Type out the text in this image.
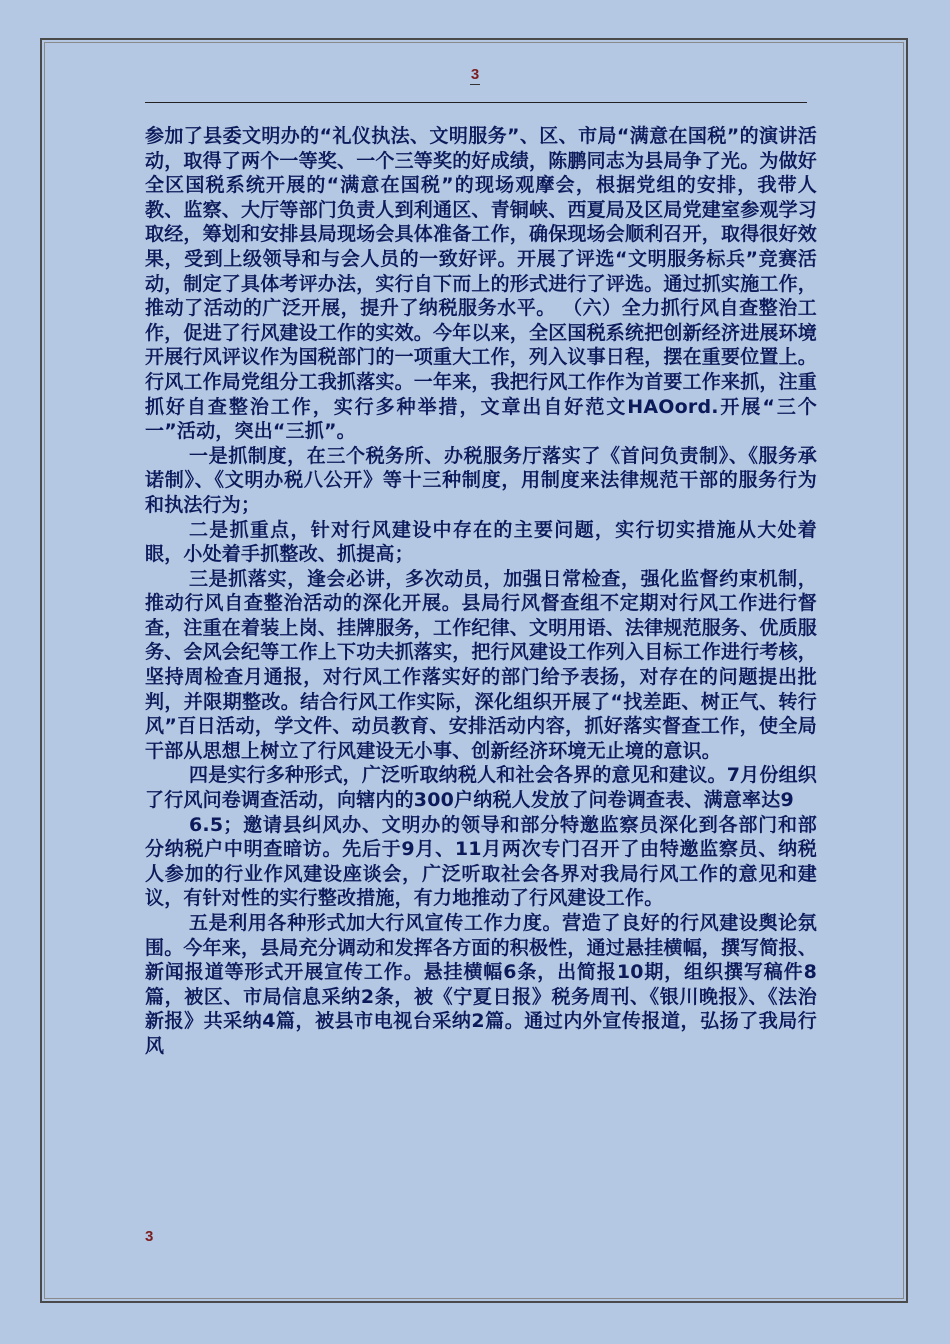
3

参加了县委文明办的“礼仪执法、文明服务”、区、市局“满意在国税”的演讲活动，取得了两个一等奖、一个三等奖的好成绩，陈鹏同志为县局争了光。为做好全区国税系统开展的“满意在国税”的现场观摩会，根据党组的安排，我带人教、监察、大厅等部门负责人到利通区、青铜峡、西夏局及区局党建室参观学习取经，筹划和安排县局现场会具体准备工作，确保现场会顺利召开，取得很好效果，受到上级领导和与会人员的一致好评。开展了评选“文明服务标兵”竞赛活动，制定了具体考评办法，实行自下而上的形式进行了评选。通过抓实施工作，推动了活动的广泛开展，提升了纳税服务水平。 （六）全力抓行风自查整治工作，促进了行风建设工作的实效。今年以来，全区国税系统把创新经济进展环境开展行风评议作为国税部门的一项重大工作，列入议事日程，摆在重要位置上。行风工作局党组分工我抓落实。一年来，我把行风工作作为首要工作来抓，注重抓好自查整治工作，实行多种举措，文章出自好范文HAOord.开展“三个一”活动，突出“三抓”。

一是抓制度，在三个税务所、办税服务厅落实了《首问负责制》、《服务承诺制》、《文明办税八公开》等十三种制度，用制度来法律规范干部的服务行为和执法行为；

二是抓重点，针对行风建设中存在的主要问题，实行切实措施从大处着眼，小处着手抓整改、抓提高；

三是抓落实，逢会必讲，多次动员，加强日常检查，强化监督约束机制，推动行风自查整治活动的深化开展。县局行风督查组不定期对行风工作进行督查，注重在着装上岗、挂牌服务，工作纪律、文明用语、法律规范服务、优质服务、会风会纪等工作上下功夫抓落实，把行风建设工作列入目标工作进行考核，坚持周检查月通报，对行风工作落实好的部门给予表扬，对存在的问题提出批判，并限期整改。结合行风工作实际，深化组织开展了“找差距、树正气、转行风”百日活动，学文件、动员教育、安排活动内容，抓好落实督查工作，使全局干部从思想上树立了行风建设无小事、创新经济环境无止境的意识。

四是实行多种形式，广泛听取纳税人和社会各界的意见和建议。7月份组织了行风问卷调查活动，向辖内的300户纳税人发放了问卷调查表、满意率达9

6.5；邀请县纠风办、文明办的领导和部分特邀监察员深化到各部门和部分纳税户中明查暗访。先后于9月、11月两次专门召开了由特邀监察员、纳税人参加的行业作风建设座谈会，广泛听取社会各界对我局行风工作的意见和建议，有针对性的实行整改措施，有力地推动了行风建设工作。

五是利用各种形式加大行风宣传工作力度。营造了良好的行风建设舆论氛围。今年来，县局充分调动和发挥各方面的积极性，通过悬挂横幅，撰写简报、新闻报道等形式开展宣传工作。悬挂横幅6条，出简报10期，组织撰写稿件8篇，被区、市局信息采纳2条，被《宁夏日报》税务周刊、《银川晚报》、《法治新报》共采纳4篇，被县市电视台采纳2篇。通过内外宣传报道，弘扬了我局行风

3
